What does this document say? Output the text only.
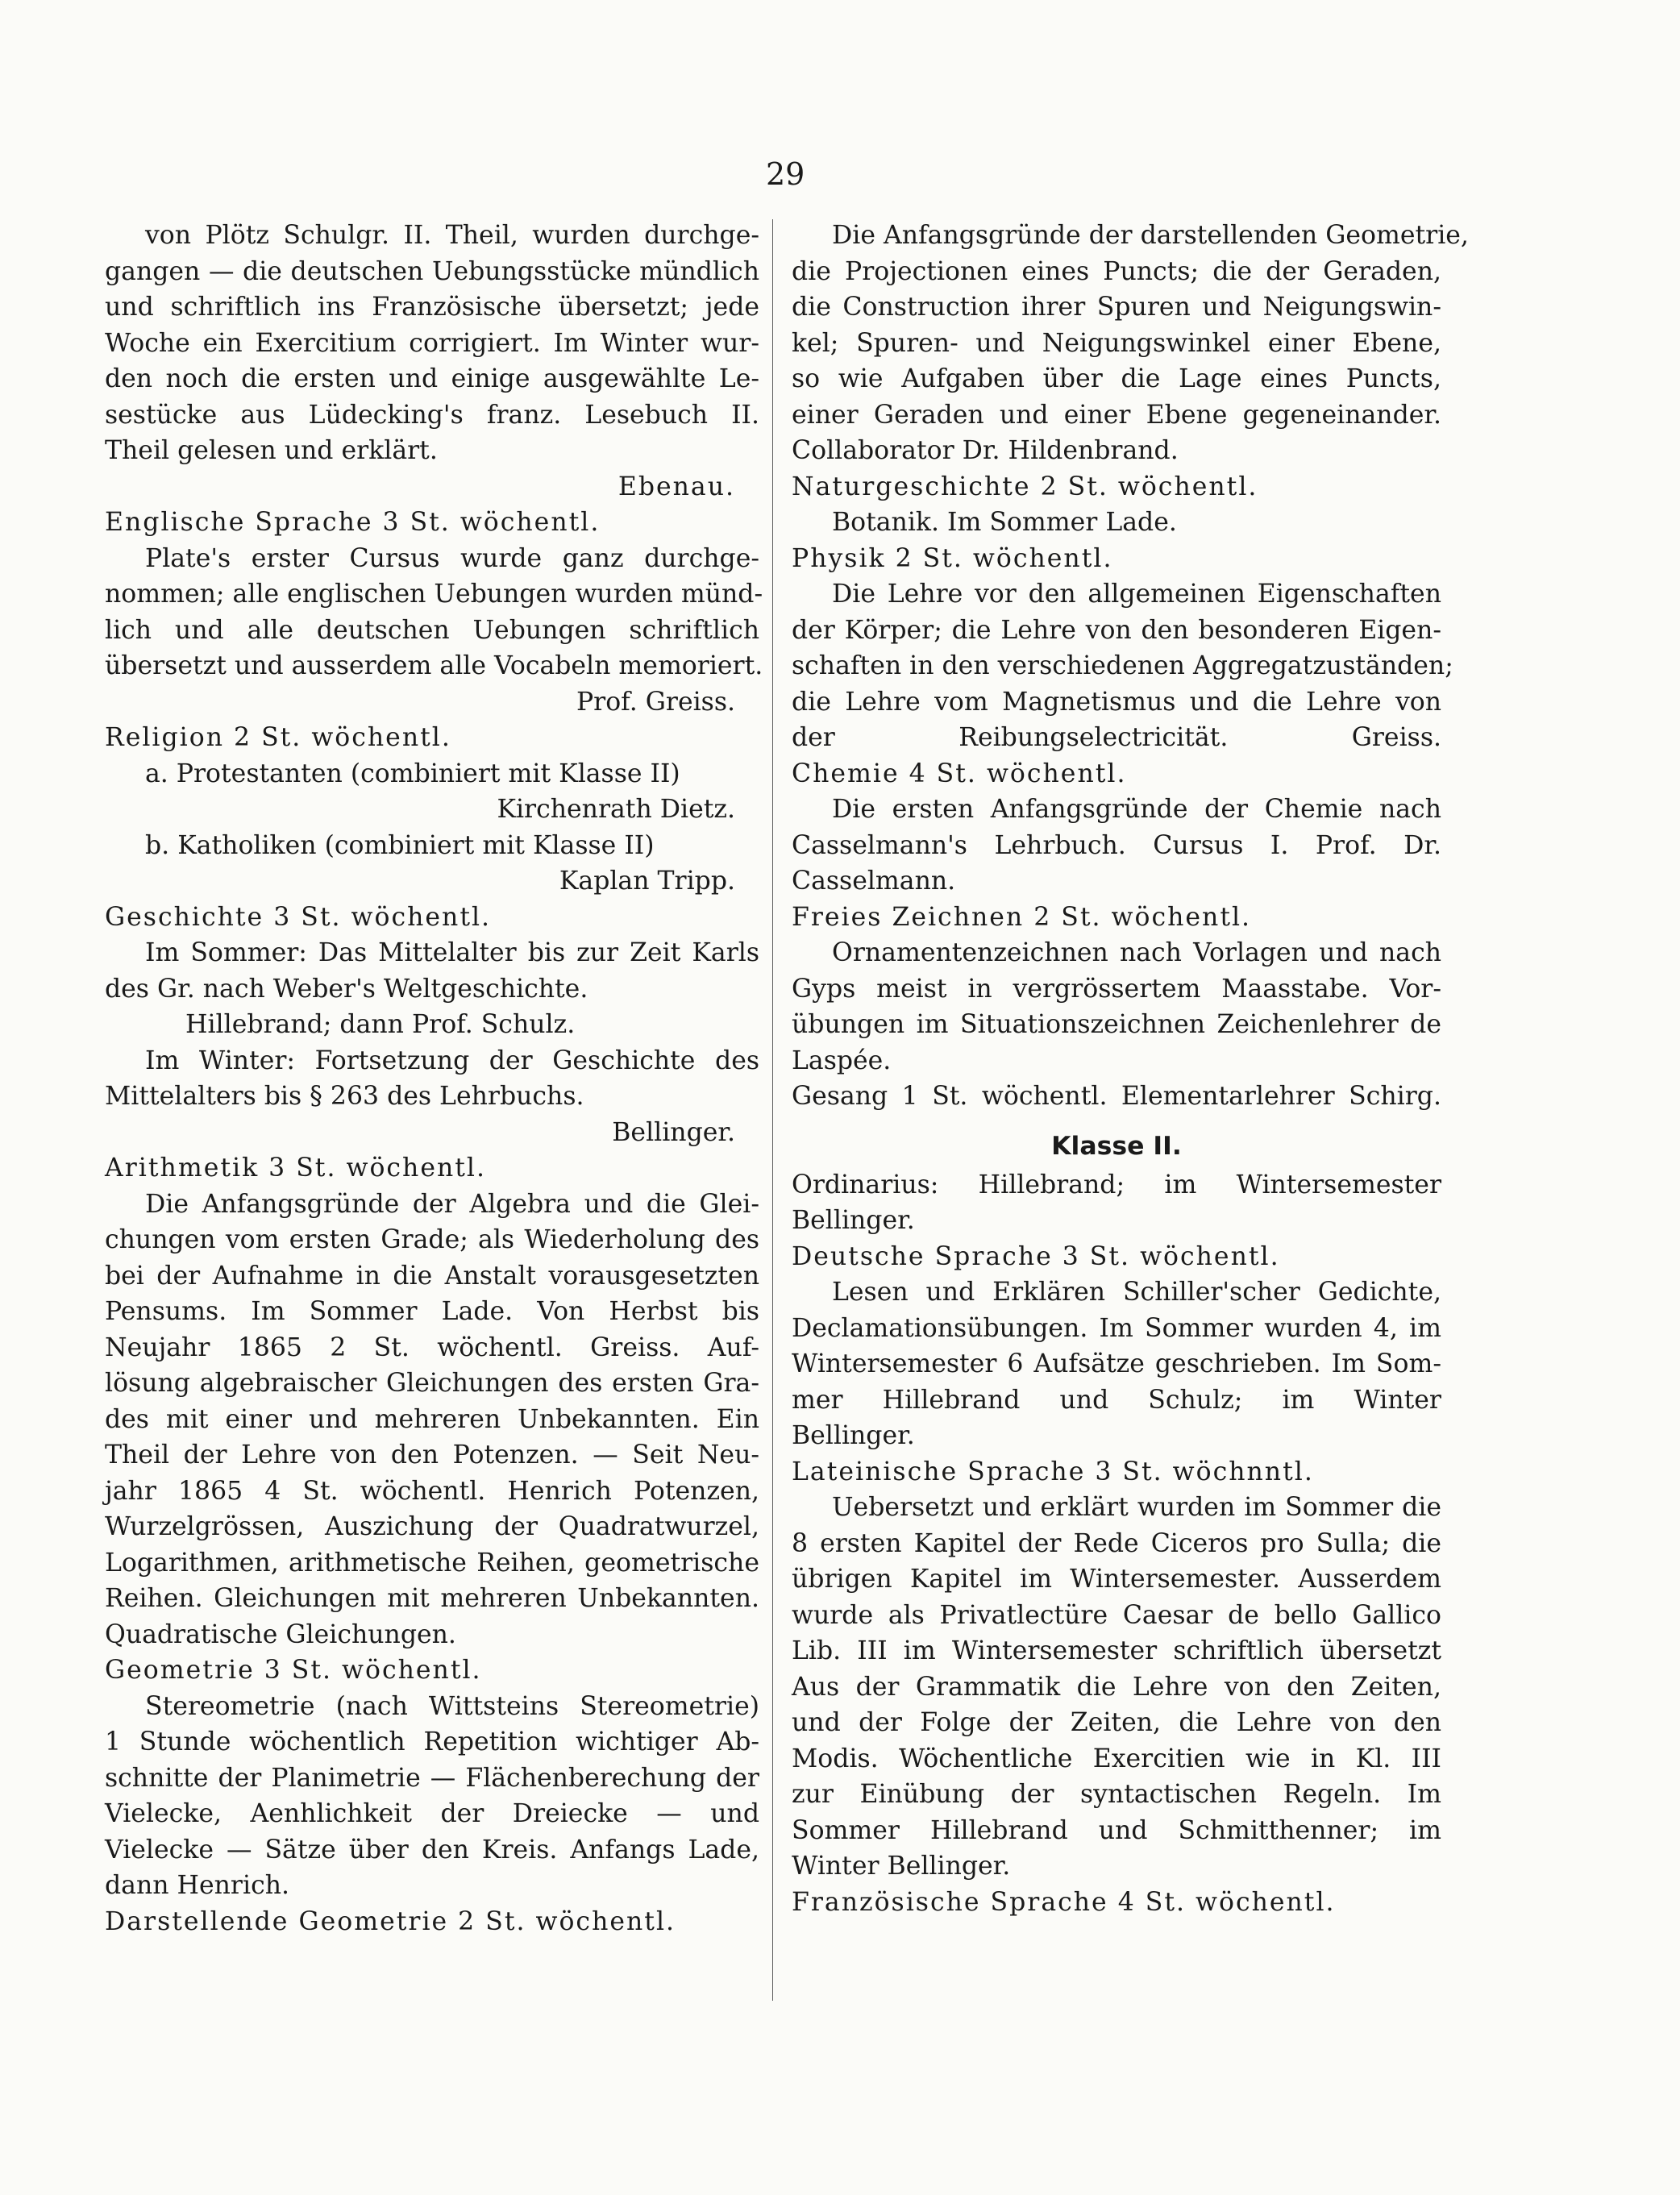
29
von Plötz Schulgr. II. Theil, wurden durchge-
gangen — die deutschen Uebungsstücke mündlich
und schriftlich ins Französische übersetzt; jede
Woche ein Exercitium corrigiert. Im Winter wur-
den noch die ersten und einige ausgewählte Le-
sestücke aus Lüdecking's franz. Lesebuch II.
Theil gelesen und erklärt.
Ebenau.
Englische Sprache 3 St. wöchentl.
Plate's erster Cursus wurde ganz durchge-
nommen; alle englischen Uebungen wurden münd-
lich und alle deutschen Uebungen schriftlich
übersetzt und ausserdem alle Vocabeln memoriert.
Prof. Greiss.
Religion 2 St. wöchentl.
a. Protestanten (combiniert mit Klasse II)
Kirchenrath Dietz.
b. Katholiken (combiniert mit Klasse II)
Kaplan Tripp.
Geschichte 3 St. wöchentl.
Im Sommer: Das Mittelalter bis zur Zeit Karls
des Gr. nach Weber's Weltgeschichte.
Hillebrand; dann Prof. Schulz.
Im Winter: Fortsetzung der Geschichte des
Mittelalters bis § 263 des Lehrbuchs.
Bellinger.
Arithmetik 3 St. wöchentl.
Die Anfangsgründe der Algebra und die Glei-
chungen vom ersten Grade; als Wiederholung des
bei der Aufnahme in die Anstalt vorausgesetzten
Pensums. Im Sommer Lade. Von Herbst bis
Neujahr 1865 2 St. wöchentl. Greiss. Auf-
lösung algebraischer Gleichungen des ersten Gra-
des mit einer und mehreren Unbekannten. Ein
Theil der Lehre von den Potenzen. — Seit Neu-
jahr 1865 4 St. wöchentl. Henrich Potenzen,
Wurzelgrössen, Auszichung der Quadratwurzel,
Logarithmen, arithmetische Reihen, geometrische
Reihen. Gleichungen mit mehreren Unbekannten.
Quadratische Gleichungen.
Geometrie 3 St. wöchentl.
Stereometrie (nach Wittsteins Stereometrie)
1 Stunde wöchentlich Repetition wichtiger Ab-
schnitte der Planimetrie — Flächenberechung der
Vielecke, Aenhlichkeit der Dreiecke — und
Vielecke — Sätze über den Kreis. Anfangs Lade,
dann Henrich.
Darstellende Geometrie 2 St. wöchentl.
Die Anfangsgründe der darstellenden Geometrie,
die Projectionen eines Puncts; die der Geraden,
die Construction ihrer Spuren und Neigungswin-
kel; Spuren- und Neigungswinkel einer Ebene,
so wie Aufgaben über die Lage eines Puncts,
einer Geraden und einer Ebene gegeneinander.
Collaborator Dr. Hildenbrand.
Naturgeschichte 2 St. wöchentl.
Botanik. Im Sommer Lade.
Physik 2 St. wöchentl.
Die Lehre vor den allgemeinen Eigenschaften
der Körper; die Lehre von den besonderen Eigen-
schaften in den verschiedenen Aggregatzuständen;
die Lehre vom Magnetismus und die Lehre von
der Reibungselectricität. Greiss.
Chemie 4 St. wöchentl.
Die ersten Anfangsgründe der Chemie nach
Casselmann's Lehrbuch. Cursus I. Prof. Dr.
Casselmann.
Freies Zeichnen 2 St. wöchentl.
Ornamentenzeichnen nach Vorlagen und nach
Gyps meist in vergrössertem Maasstabe. Vor-
übungen im Situationszeichnen Zeichenlehrer de
Laspée.
Gesang 1 St. wöchentl. Elementarlehrer Schirg.
Klasse II.
Ordinarius: Hillebrand; im Wintersemester
Bellinger.
Deutsche Sprache 3 St. wöchentl.
Lesen und Erklären Schiller'scher Gedichte,
Declamationsübungen. Im Sommer wurden 4, im
Wintersemester 6 Aufsätze geschrieben. Im Som-
mer Hillebrand und Schulz; im Winter
Bellinger.
Lateinische Sprache 3 St. wöchnntl.
Uebersetzt und erklärt wurden im Sommer die
8 ersten Kapitel der Rede Ciceros pro Sulla; die
übrigen Kapitel im Wintersemester. Ausserdem
wurde als Privatlectüre Caesar de bello Gallico
Lib. III im Wintersemester schriftlich übersetzt
Aus der Grammatik die Lehre von den Zeiten,
und der Folge der Zeiten, die Lehre von den
Modis. Wöchentliche Exercitien wie in Kl. III
zur Einübung der syntactischen Regeln. Im
Sommer Hillebrand und Schmitthenner; im
Winter Bellinger.
Französische Sprache 4 St. wöchentl.
